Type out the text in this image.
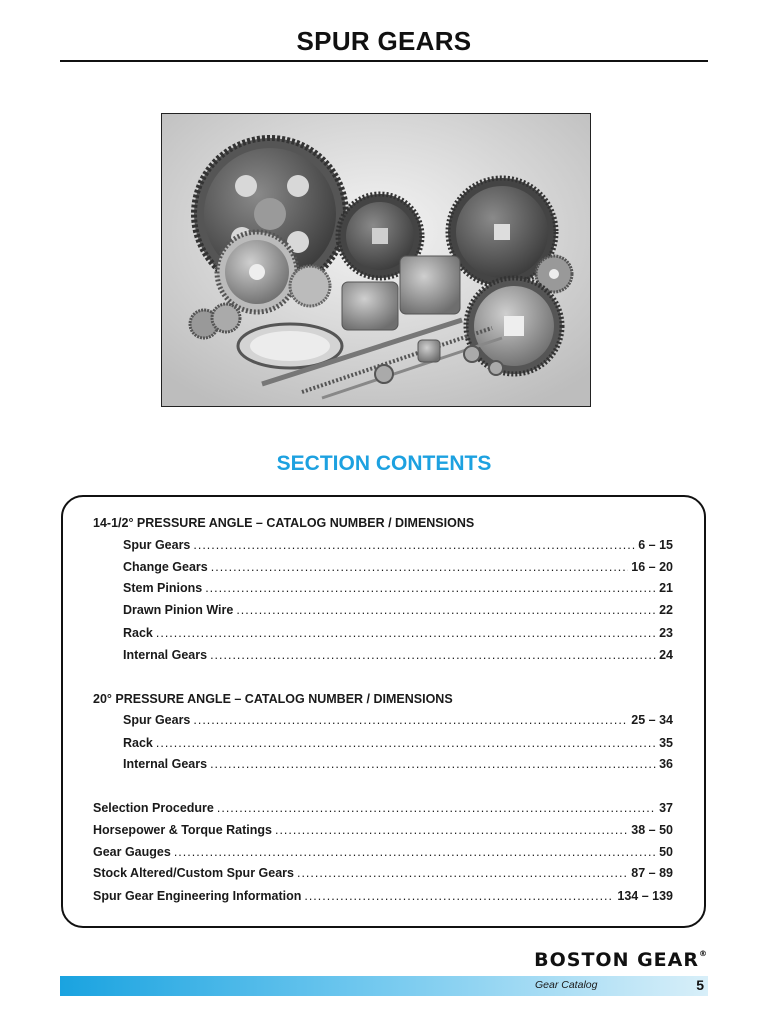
SPUR GEARS
SECTION CONTENTS
14-1/2° PRESSURE ANGLE – CATALOG NUMBER / DIMENSIONS
Spur Gears .....	6 – 15
Change Gears .....	16 – 20
Stem Pinions .....	21
Drawn Pinion Wire .....	22
Rack .....	23
Internal Gears .....	24
20° PRESSURE ANGLE – CATALOG NUMBER / DIMENSIONS
Spur Gears .....	25 – 34
Rack .....	35
Internal Gears .....	36
Selection Procedure .....	37
Horsepower & Torque Ratings .....	38 – 50
Gear Gauges .....	50
Stock Altered/Custom Spur Gears .....	87 – 89
Spur Gear Engineering Information .....	134 – 139
BOSTON GEAR®
Gear Catalog	5
